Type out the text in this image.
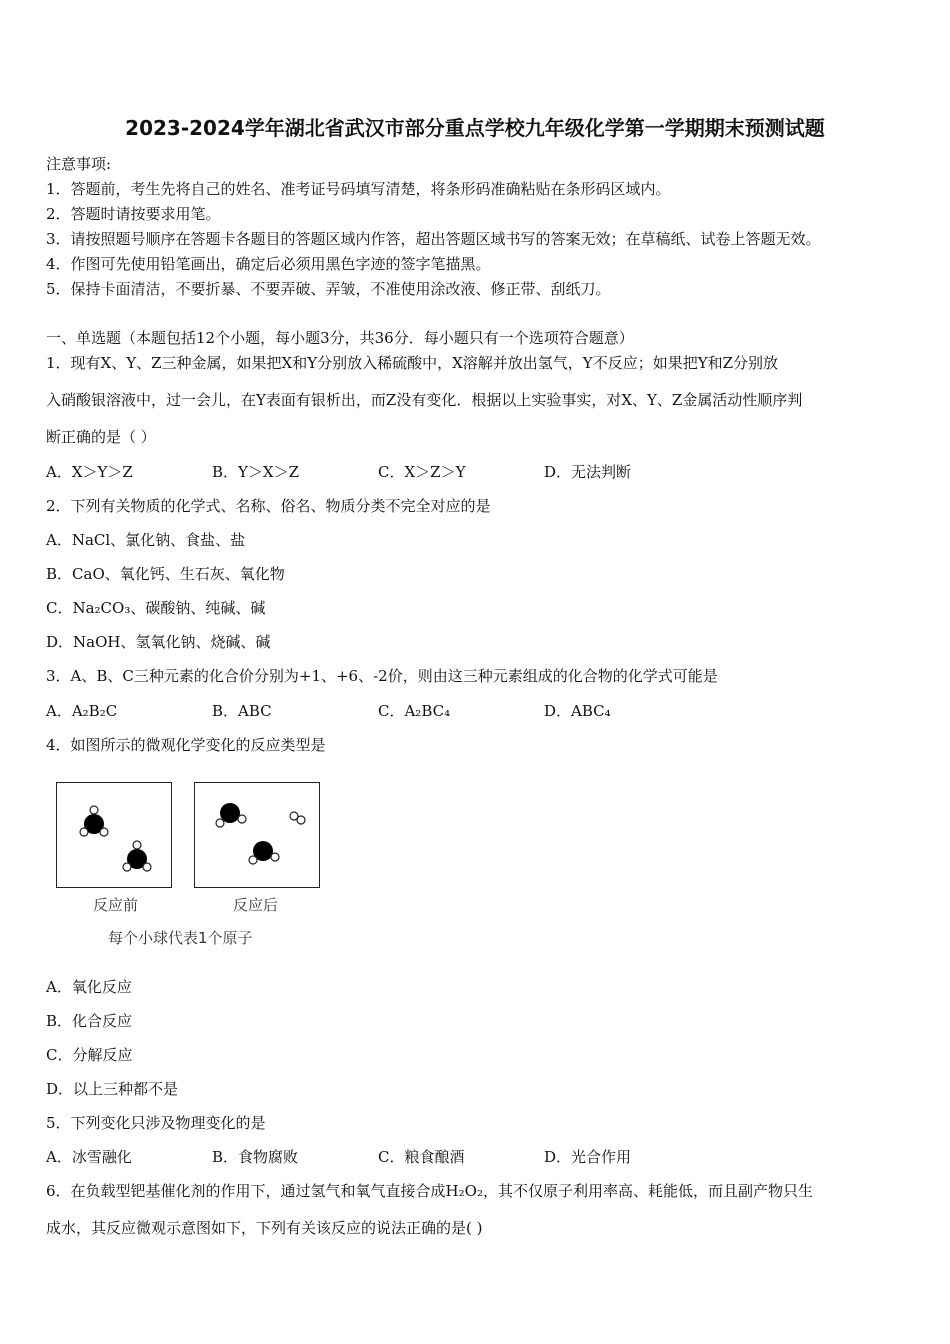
2023-2024学年湖北省武汉市部分重点学校九年级化学第一学期期末预测试题
注意事项:
1．答题前，考生先将自己的姓名、准考证号码填写清楚，将条形码准确粘贴在条形码区域内。
2．答题时请按要求用笔。
3．请按照题号顺序在答题卡各题目的答题区域内作答，超出答题区域书写的答案无效；在草稿纸、试卷上答题无效。
4．作图可先使用铅笔画出，确定后必须用黑色字迹的签字笔描黑。
5．保持卡面清洁，不要折暴、不要弄破、弄皱，不准使用涂改液、修正带、刮纸刀。
一、单选题（本题包括12个小题，每小题3分，共36分．每小题只有一个选项符合题意）
1．现有X、Y、Z三种金属，如果把X和Y分别放入稀硫酸中，X溶解并放出氢气，Y不反应；如果把Y和Z分别放
入硝酸银溶液中，过一会儿，在Y表面有银析出，而Z没有变化．根据以上实验事实，对X、Y、Z金属活动性顺序判
断正确的是（ ）
A．X＞Y＞Z	B．Y＞X＞Z	C．X＞Z＞Y	D．无法判断
2．下列有关物质的化学式、名称、俗名、物质分类不完全对应的是
A．NaCl、氯化钠、食盐、盐
B．CaO、氧化钙、生石灰、氧化物
C．Na₂CO₃、碳酸钠、纯碱、碱
D．NaOH、氢氧化钠、烧碱、碱
3．A、B、C三种元素的化合价分别为+1、+6、-2价，则由这三种元素组成的化合物的化学式可能是
A．A₂B₂C	B．ABC	C．A₂BC₄	D．ABC₄
4．如图所示的微观化学变化的反应类型是
反应前	反应后
每个小球代表1个原子
A．氧化反应
B．化合反应
C．分解反应
D．以上三种都不是
5．下列变化只涉及物理变化的是
A．冰雪融化	B．食物腐败	C．粮食酿酒	D．光合作用
6．在负载型钯基催化剂的作用下，通过氢气和氧气直接合成H₂O₂，其不仅原子利用率高、耗能低，而且副产物只生
成水，其反应微观示意图如下，下列有关该反应的说法正确的是( )
